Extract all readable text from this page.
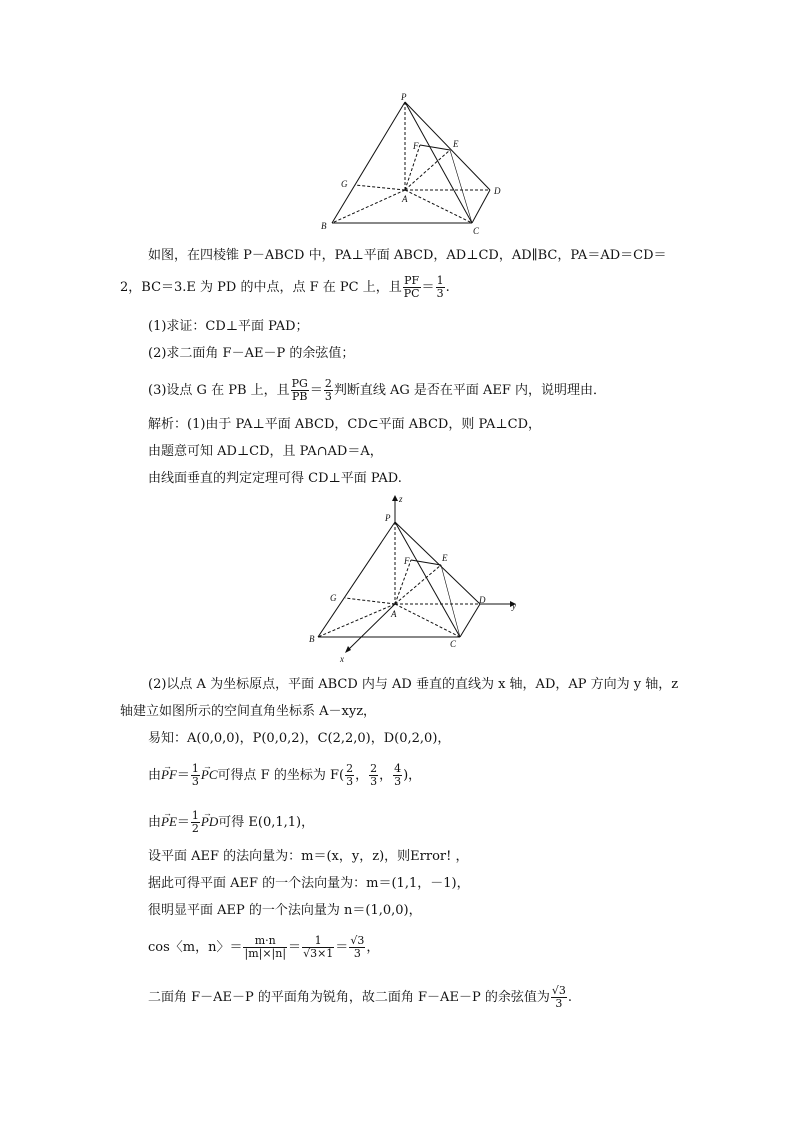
P
E
F
G
A
D
B	C
如图，在四棱锥 P－ABCD 中，PA⊥平面 ABCD，AD⊥CD，AD∥BC，PA＝AD＝CD＝
2，BC＝3.E 为 PD 的中点，点 F 在 PC 上，且 $\frac{PF}{PC} = \frac{1}{3}$ .
(1)求证：CD⊥平面 PAD；
(2)求二面角 F－AE－P 的余弦值；
(3)设点 G 在 PB 上，且 $\frac{PG}{PB} = \frac{2}{3}$ 判断直线 AG 是否在平面 AEF 内，说明理由．
解析：(1)由于 PA⊥平面 ABCD，CD⊂平面 ABCD，则 PA⊥CD，
由题意可知 AD⊥CD，且 PA∩AD＝A，
由线面垂直的判定定理可得 CD⊥平面 PAD.
z
y
x
P
E
F
G
A
D
B	C
(2)以点 A 为坐标原点，平面 ABCD 内与 AD 垂直的直线为 x 轴，AD，AP 方向为 y 轴，z
轴建立如图所示的空间直角坐标系 A－xyz，
易知：A(0,0,0)，P(0,0,2)，C(2,2,0)，D(0,2,0)，
由→ $PF= \frac{1}{3}$ → PC可得点 F 的坐标为 $F( \frac{2}{3}$ ， $\frac{2}{3}$ ， $\frac{4}{3}$ )，
由→ $PE= \frac{1}{2}$ → PD可得 E(0,1,1)，
设平面 AEF 的法向量为：m＝(x，y，z)，则Error! ，
据此可得平面 AEF 的一个法向量为：m＝(1,1，－1)，
很明显平面 AEP 的一个法向量为 n＝(1,0,0)，
cos〈m，n〉＝ $\frac{m\cdot n}{|m|\times|n|} = \frac{1}{√3\times 1} = \frac{√3}{3}$ ，
二面角 F－AE－P 的平面角为锐角，故二面角 F－AE－P 的余弦值为 $\frac{√3}{3}$ .
